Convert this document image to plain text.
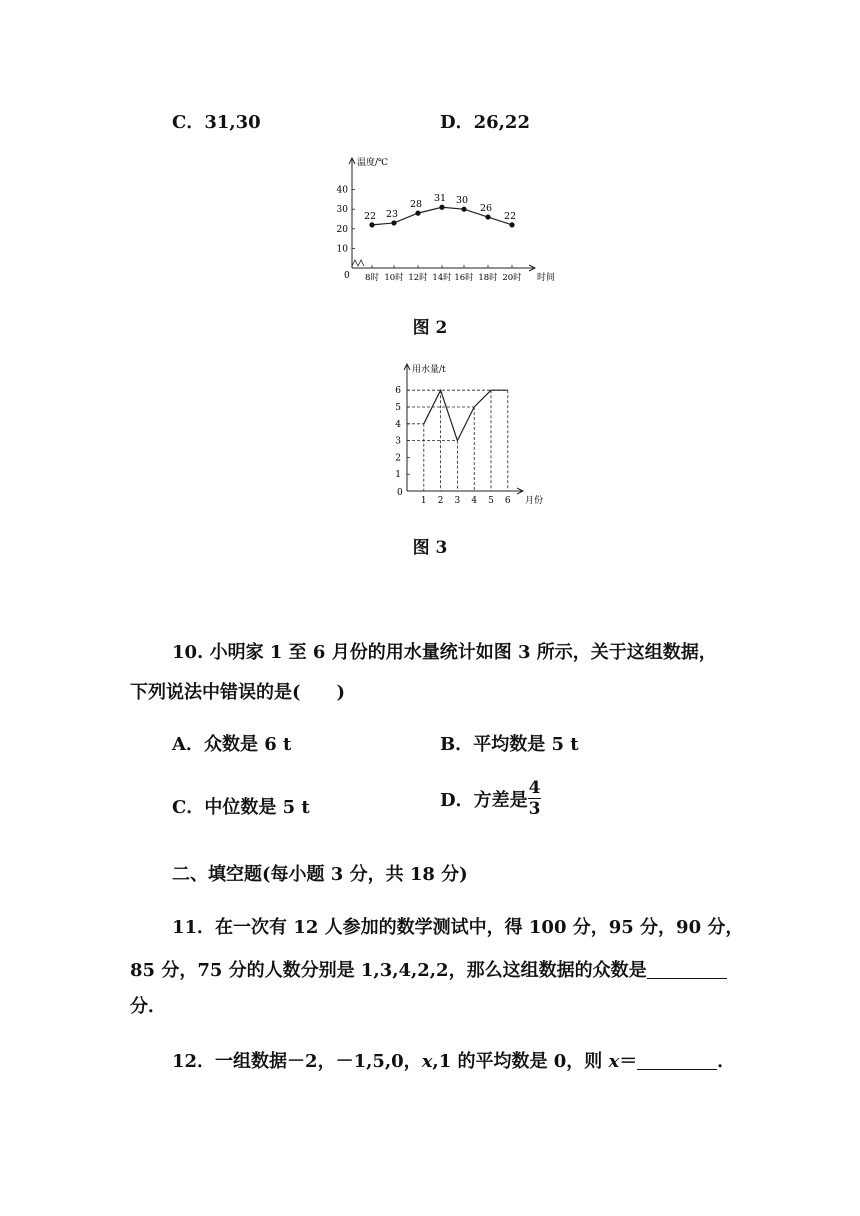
C．31,30	D．26,22
温度/℃
0
40
30
20
10
8时 10时 12时 14时 16时 18时 20时 时间
22 23
28
31 30
26
22
图 2
用水量/t
0
1
2
3
4
5
6
1 2 3 4 5 6 月份
图 3
10. 小明家 1 至 6 月份的用水量统计如图 3 所示，关于这组数据，
下列说法中错误的是(　　)
A．众数是 6 t	B．平均数是 5 t
C．中位数是 5 t	D．方差是 $\frac{4}{3}$
二、填空题(每小题 3 分，共 18 分)
11．在一次有 12 人参加的数学测试中，得 100 分，95 分，90 分，
85 分，75 分的人数分别是 1,3,4,2,2，那么这组数据的众数是
分．
12．一组数据－2，－1,5,0，x,1 的平均数是 0，则 x＝	．
